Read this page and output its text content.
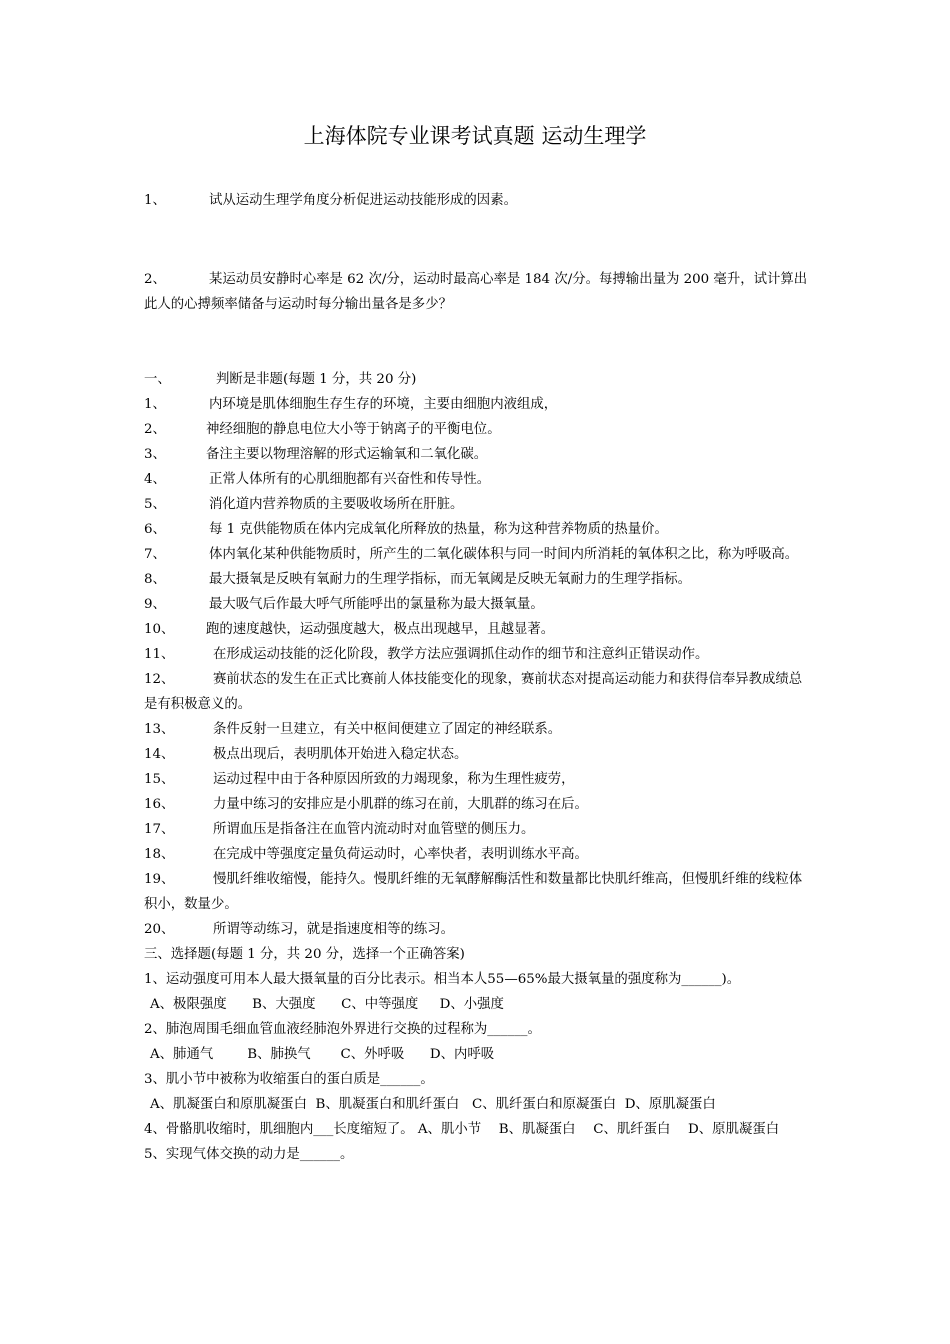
上海体院专业课考试真题 运动生理学

1、	试从运动生理学角度分析促进运动技能形成的因素。

2、	某运动员安静时心率是 62 次/分，运动时最高心率是 184 次/分。每搏输出量为 200 毫升，试计算出此人的心搏频率储备与运动时每分输出量各是多少？

一、	判断是非题(每题 1 分，共 20 分)

1、	内环境是肌体细胞生存生存的环境，主要由细胞内液组成，

2、	神经细胞的静息电位大小等于钠离子的平衡电位。

3、	备注主要以物理溶解的形式运输氧和二氧化碳。

4、	正常人体所有的心肌细胞都有兴奋性和传导性。

5、	消化道内营养物质的主要吸收场所在肝脏。

6、	每 1 克供能物质在体内完成氧化所释放的热量，称为这种营养物质的热量价。

7、	体内氧化某种供能物质时，所产生的二氧化碳体积与同一时间内所消耗的氧体积之比，称为呼吸高。

8、	最大摄氧是反映有氧耐力的生理学指标，而无氧阈是反映无氧耐力的生理学指标。

9、	最大吸气后作最大呼气所能呼出的氯量称为最大摄氧量。

10、 跑的速度越快，运动强度越大，极点出现越早，且越显著。

11、	在形成运动技能的泛化阶段，教学方法应强调抓住动作的细节和注意纠正错误动作。

12、	赛前状态的发生在正式比赛前人体技能变化的现象，赛前状态对提高运动能力和获得信奉异教成绩总是有积极意义的。

13、	条件反射一旦建立，有关中枢间便建立了固定的神经联系。

14、	极点出现后，表明肌体开始进入稳定状态。

15、	运动过程中由于各种原因所致的力竭现象，称为生理性疲劳，

16、	力量中练习的安排应是小肌群的练习在前，大肌群的练习在后。

17、	所谓血压是指备注在血管内流动时对血管壁的侧压力。

18、	在完成中等强度定量负荷运动时，心率快者，表明训练水平高。

19、	慢肌纤维收缩慢，能持久。慢肌纤维的无氧酵解酶活性和数量都比快肌纤维高，但慢肌纤维的线粒体积小，数量少。

20、	所谓等动练习，就是指速度相等的练习。

三、选择题(每题 1 分，共 20 分，选择一个正确答案)

1、运动强度可用本人最大摄氧量的百分比表示。相当本人55—65%最大摄氧量的强度称为______)。

A、极限强度 B、大强度 C、中等强度 D、小强度

2、肺泡周围毛细血管血液经肺泡外界进行交换的过程称为______。

A、肺通气	B、肺换气 C、外呼吸 D、内呼吸

3、肌小节中被称为收缩蛋白的蛋白质是______。

A、肌凝蛋白和原肌凝蛋白 B、肌凝蛋白和肌纤蛋白 C、肌纤蛋白和原凝蛋白 D、原肌凝蛋白

4、骨骼肌收缩时，肌细胞内___长度缩短了。 A、肌小节　 B、肌凝蛋白　 C、肌纤蛋白　 D、原肌凝蛋白

5、实现气体交换的动力是______。
